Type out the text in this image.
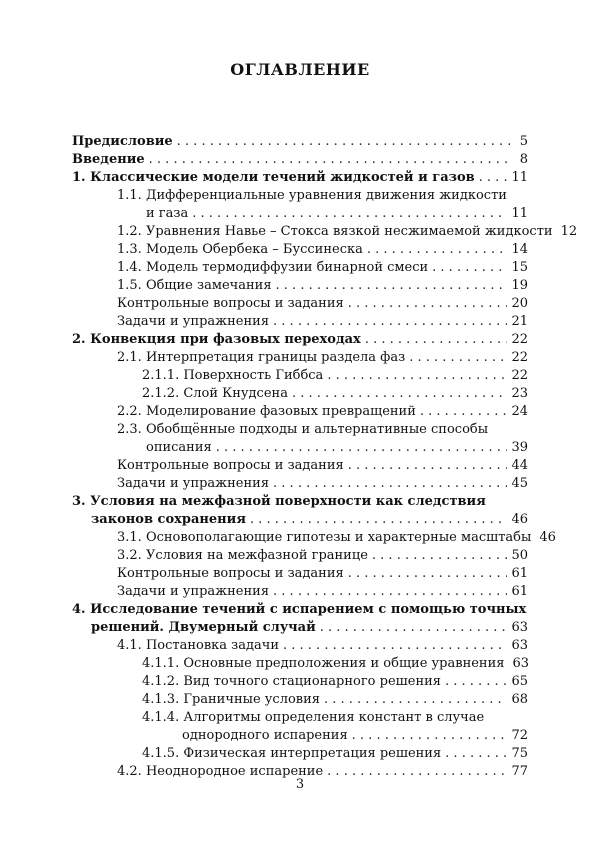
ОГЛАВЛЕНИЕ
Предисловие . . .	5
Введение . . .	8
1. Классические модели течений жидкостей и газов . . .	11
1.1. Дифференциальные уравнения движения жидкости
и газа . . .	11
1.2. Уравнения Навье – Стокса вязкой несжимаемой жидкости 12
1.3. Модель Обербека – Буссинеска . . .	14
1.4. Модель термодиффузии бинарной смеси . . .	15
1.5. Общие замечания . . .	19
Контрольные вопросы и задания . . .	20
Задачи и упражнения . . .	21
2. Конвекция при фазовых переходах . . .	22
2.1. Интерпретация границы раздела фаз . . .	22
2.1.1. Поверхность Гиббса . . .	22
2.1.2. Слой Кнудсена . . .	23
2.2. Моделирование фазовых превращений . . .	24
2.3. Обобщённые подходы и альтернативные способы
описания . . .	39
Контрольные вопросы и задания . . .	44
Задачи и упражнения . . .	45
3. Условия на межфазной поверхности как следствия
законов сохранения . . .	46
3.1. Основополагающие гипотезы и характерные масштабы 46
3.2. Условия на межфазной границе . . .	50
Контрольные вопросы и задания . . .	61
Задачи и упражнения . . .	61
4. Исследование течений с испарением с помощью точных
решений. Двумерный случай . . .	63
4.1. Постановка задачи . . .	63
4.1.1. Основные предположения и общие уравнения 63
4.1.2. Вид точного стационарного решения . . .	65
4.1.3. Граничные условия . . .	68
4.1.4. Алгоритмы определения констант в случае
однородного испарения . . .	72
4.1.5. Физическая интерпретация решения . . .	75
4.2. Неоднородное испарение . . .	77
3
